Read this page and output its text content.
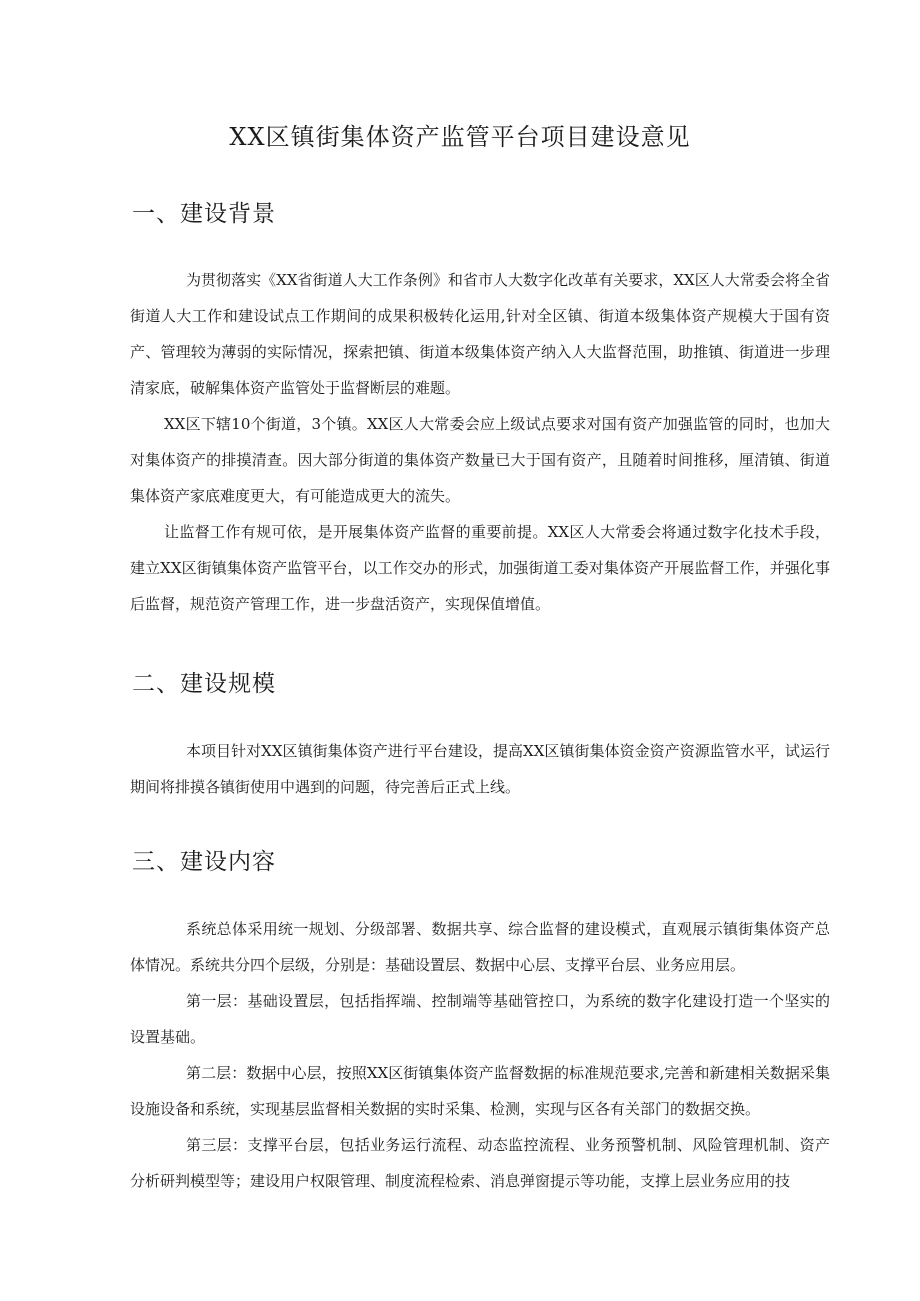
XX区镇街集体资产监管平台项目建设意见
一、建设背景

为贯彻落实《XX省街道人大工作条例》和省市人大数字化改革有关要求，XX区人大常委会将全省街道人大工作和建设试点工作期间的成果积极转化运用,针对全区镇、街道本级集体资产规模大于国有资产、管理较为薄弱的实际情况，探索把镇、街道本级集体资产纳入人大监督范围，助推镇、街道进一步理清家底，破解集体资产监管处于监督断层的难题。

XX区下辖10个街道，3个镇。XX区人大常委会应上级试点要求对国有资产加强监管的同时，也加大对集体资产的排摸清查。因大部分街道的集体资产数量已大于国有资产，且随着时间推移，厘清镇、街道集体资产家底难度更大，有可能造成更大的流失。

让监督工作有规可依，是开展集体资产监督的重要前提。XX区人大常委会将通过数字化技术手段，建立XX区街镇集体资产监管平台，以工作交办的形式，加强街道工委对集体资产开展监督工作，并强化事后监督，规范资产管理工作，进一步盘活资产，实现保值增值。

二、建设规模

本项目针对XX区镇街集体资产进行平台建设，提高XX区镇街集体资金资产资源监管水平，试运行期间将排摸各镇街使用中遇到的问题，待完善后正式上线。

三、建设内容

系统总体采用统一规划、分级部署、数据共享、综合监督的建设模式，直观展示镇街集体资产总体情况。系统共分四个层级，分别是：基础设置层、数据中心层、支撑平台层、业务应用层。

第一层：基础设置层，包括指挥端、控制端等基础管控口，为系统的数字化建设打造一个坚实的设置基础。

第二层：数据中心层，按照XX区街镇集体资产监督数据的标准规范要求,完善和新建相关数据采集设施设备和系统，实现基层监督相关数据的实时采集、检测，实现与区各有关部门的数据交换。

第三层：支撑平台层，包括业务运行流程、动态监控流程、业务预警机制、风险管理机制、资产分析研判模型等；建设用户权限管理、制度流程检索、消息弹窗提示等功能，支撑上层业务应用的技
